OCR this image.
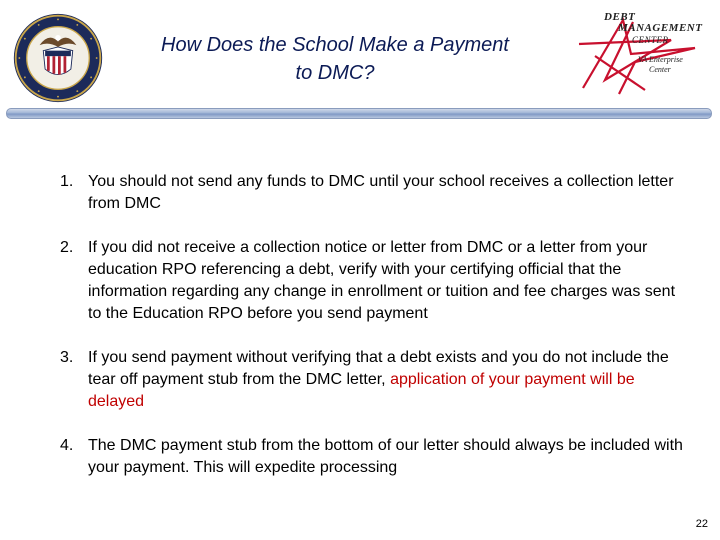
How Does the School Make a Payment
to DMC?
DEBT
MANAGEMENT
CENTER
VA Enterprise
Center
1. You should not send any funds to DMC until your school receives a collection letter from DMC
2. If you did not receive a collection notice or letter from DMC or a letter from your education RPO referencing a debt, verify with your certifying official that the information regarding any change in enrollment or tuition and fee charges was sent to the Education RPO before you send payment
3. If you send payment without verifying that a debt exists and you do not include the tear off payment stub from the DMC letter, application of your payment will be delayed
4. The DMC payment stub from the bottom of our letter should always be included with your payment. This will expedite processing
22
